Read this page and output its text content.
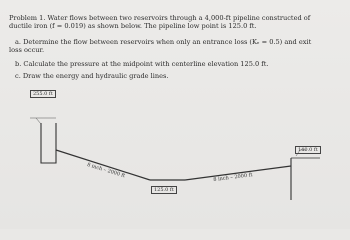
Problem 1. Water flows between two reservoirs through a 4,000-ft pipeline constructed of
ductile iron (f = 0.019) as shown below. The pipeline low point is 125.0 ft.
a. Determine the flow between reservoirs when only an entrance loss (Kₑ = 0.5) and exit
loss occur.
b. Calculate the pressure at the midpoint with centerline elevation 125.0 ft.
c. Draw the energy and hydraulic grade lines.
255.0 ft
140.0 ft
125.0 ft
8 inch – 2000 ft	8 inch – 2000 ft
